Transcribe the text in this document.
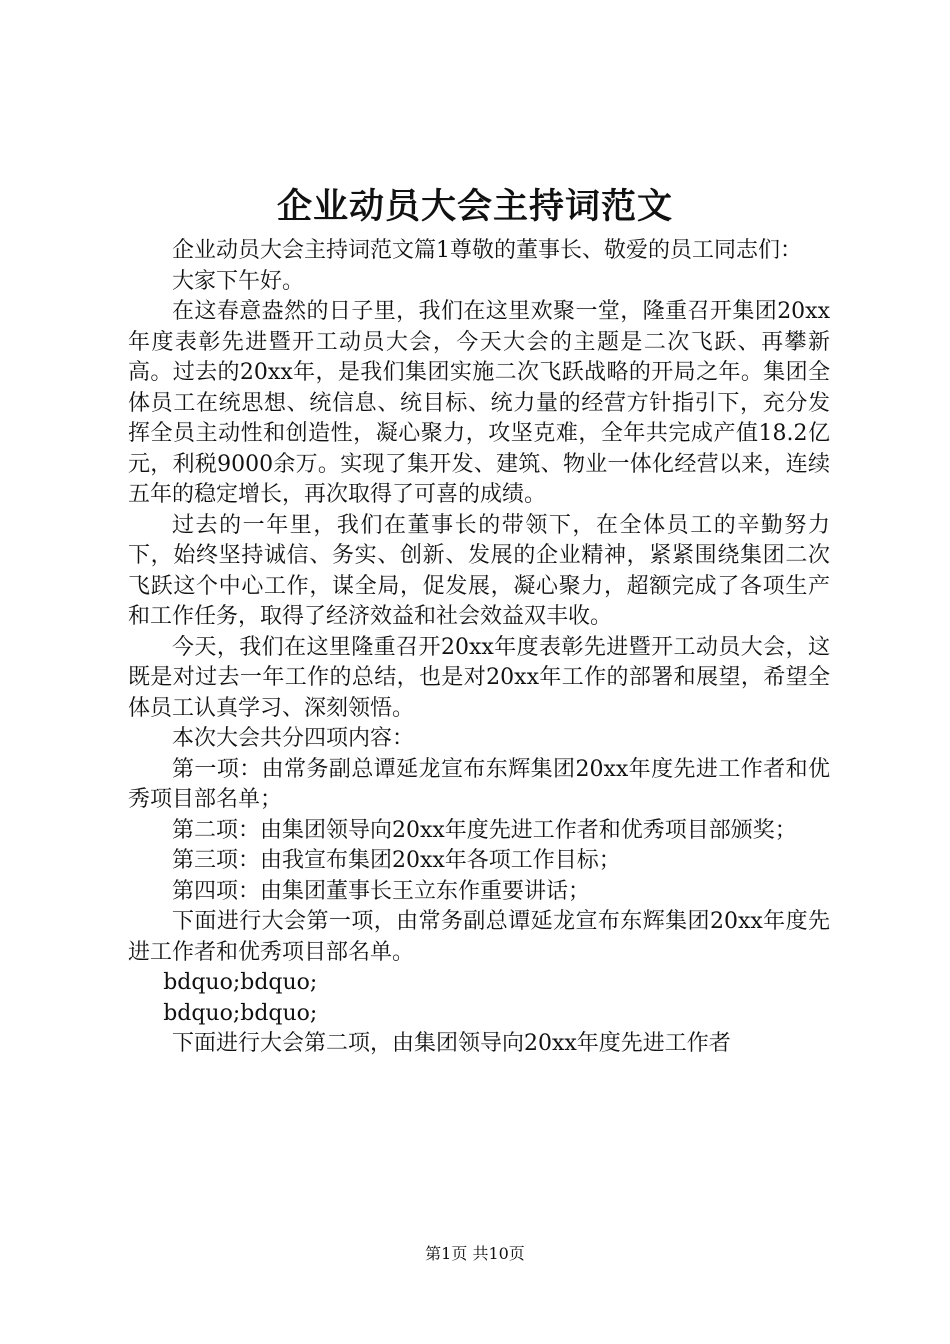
企业动员大会主持词范文

企业动员大会主持词范文篇1尊敬的董事长、敬爱的员工同志们：

大家下午好。

在这春意盎然的日子里，我们在这里欢聚一堂，隆重召开集团20xx年度表彰先进暨开工动员大会，今天大会的主题是二次飞跃、再攀新高。过去的20xx年，是我们集团实施二次飞跃战略的开局之年。集团全体员工在统思想、统信息、统目标、统力量的经营方针指引下，充分发挥全员主动性和创造性，凝心聚力，攻坚克难，全年共完成产值18.2亿元，利税9000余万。实现了集开发、建筑、物业一体化经营以来，连续五年的稳定增长，再次取得了可喜的成绩。

过去的一年里，我们在董事长的带领下，在全体员工的辛勤努力下，始终坚持诚信、务实、创新、发展的企业精神，紧紧围绕集团二次飞跃这个中心工作，谋全局，促发展，凝心聚力，超额完成了各项生产和工作任务，取得了经济效益和社会效益双丰收。

今天，我们在这里隆重召开20xx年度表彰先进暨开工动员大会，这既是对过去一年工作的总结，也是对20xx年工作的部署和展望，希望全体员工认真学习、深刻领悟。

本次大会共分四项内容：

第一项：由常务副总谭延龙宣布东辉集团20xx年度先进工作者和优秀项目部名单；

第二项：由集团领导向20xx年度先进工作者和优秀项目部颁奖；

第三项：由我宣布集团20xx年各项工作目标；

第四项：由集团董事长王立东作重要讲话；

下面进行大会第一项，由常务副总谭延龙宣布东辉集团20xx年度先进工作者和优秀项目部名单。

bdquo;bdquo;

bdquo;bdquo;

下面进行大会第二项，由集团领导向20xx年度先进工作者

第1页 共10页
